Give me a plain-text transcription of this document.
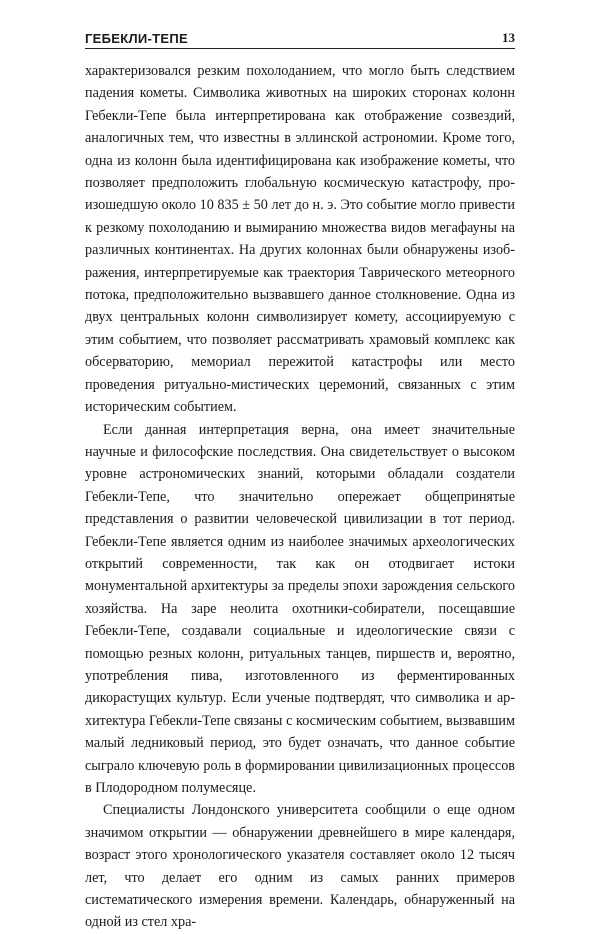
ГЕБЕКЛИ-ТЕПЕ	13

характеризовался резким похолоданием, что могло быть следствием падения кометы. Символика животных на широких сторонах колонн Гебекли-Тепе была интерпретирована как отображение созвездий, аналогичных тем, что известны в эллинской астрономии. Кроме того, одна из колонн была идентифицирована как изображение кометы, что позволяет предположить глобальную космическую катастрофу, произошедшую около 10 835 ± 50 лет до н. э. Это событие могло привести к резкому похолоданию и вымиранию множества видов мегафауны на различных континентах. На других колоннах были обнаружены изображения, интерпретируемые как траектория Таврического метеорного потока, предположительно вызвавшего данное столкновение. Одна из двух центральных колонн символизирует комету, ассоциируемую с этим событием, что позволяет рассматривать храмовый комплекс как обсерваторию, мемориал пережитой катастрофы или место проведения ритуально-мистических церемоний, связанных с этим историческим событием.

Если данная интерпретация верна, она имеет значительные научные и философские последствия. Она свидетельствует о высоком уровне астрономических знаний, которыми обладали создатели Гебекли-Тепе, что значительно опережает общепринятые представления о развитии человеческой цивилизации в тот период. Гебекли-Тепе является одним из наиболее значимых археологических открытий современности, так как он отодвигает истоки монументальной архитектуры за пределы эпохи зарождения сельского хозяйства. На заре неолита охотники-собиратели, посещавшие Гебекли-Тепе, создавали социальные и идеологические связи с помощью резных колонн, ритуальных танцев, пиршеств и, вероятно, употребления пива, изготовленного из ферментированных дикорастущих культур. Если ученые подтвердят, что символика и архитектура Гебекли-Тепе связаны с космическим событием, вызвавшим малый ледниковый период, это будет означать, что данное событие сыграло ключевую роль в формировании цивилизационных процессов в Плодородном полумесяце.

Специалисты Лондонского университета сообщили о еще одном значимом открытии — обнаружении древнейшего в мире календаря, возраст этого хронологического указателя составляет около 12 тысяч лет, что делает его одним из самых ранних примеров систематического измерения времени. Календарь, обнаруженный на одной из стел хра-
